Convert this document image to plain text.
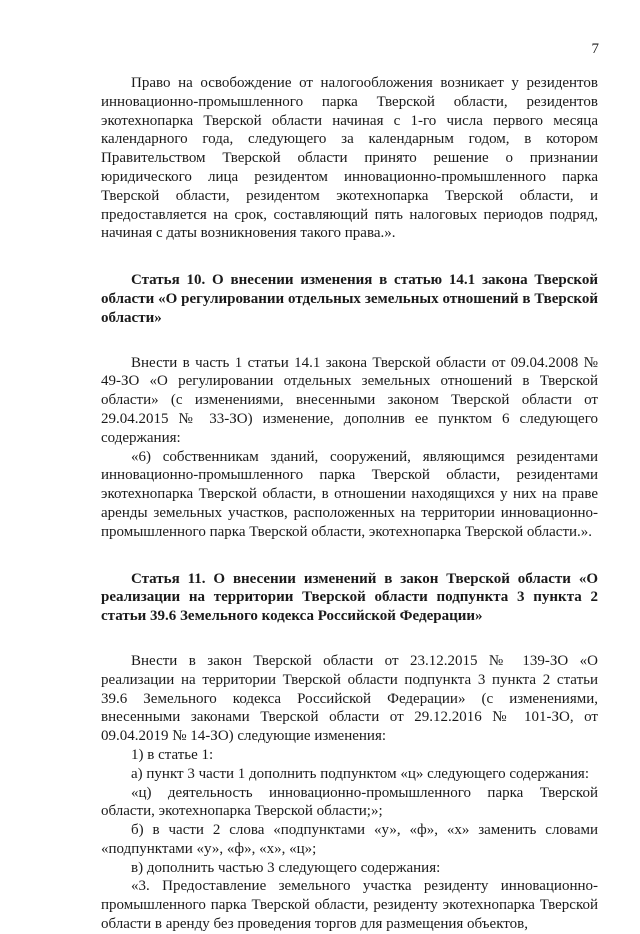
7

Право на освобождение от налогообложения возникает у резидентов инновационно-промышленного парка Тверской области, резидентов экотехнопарка Тверской области начиная с 1-го числа первого месяца календарного года, следующего за календарным годом, в котором Правительством Тверской области принято решение о признании юридического лица резидентом инновационно-промышленного парка Тверской области, резидентом экотехнопарка Тверской области, и предоставляется на срок, составляющий пять налоговых периодов подряд, начиная с даты возникновения такого права.».

Статья 10. О внесении изменения в статью 14.1 закона Тверской области «О регулировании отдельных земельных отношений в Тверской области»

Внести в часть 1 статьи 14.1 закона Тверской области от 09.04.2008 № 49-ЗО «О регулировании отдельных земельных отношений в Тверской области» (с изменениями, внесенными законом Тверской области от 29.04.2015 № 33-ЗО) изменение, дополнив ее пунктом 6 следующего содержания:

«6) собственникам зданий, сооружений, являющимся резидентами инновационно-промышленного парка Тверской области, резидентами экотехнопарка Тверской области, в отношении находящихся у них на праве аренды земельных участков, расположенных на территории инновационно-промышленного парка Тверской области, экотехнопарка Тверской области.».

Статья 11. О внесении изменений в закон Тверской области «О реализации на территории Тверской области подпункта 3 пункта 2 статьи 39.6 Земельного кодекса Российской Федерации»

Внести в закон Тверской области от 23.12.2015 № 139-ЗО «О реализации на территории Тверской области подпункта 3 пункта 2 статьи 39.6 Земельного кодекса Российской Федерации» (с изменениями, внесенными законами Тверской области от 29.12.2016 № 101-ЗО, от 09.04.2019 № 14-ЗО) следующие изменения:

1) в статье 1:

а) пункт 3 части 1 дополнить подпунктом «ц» следующего содержания:

«ц) деятельность инновационно-промышленного парка Тверской области, экотехнопарка Тверской области;»;

б) в части 2 слова «подпунктами «у», «ф», «х» заменить словами «подпунктами «у», «ф», «х», «ц»;

в) дополнить частью 3 следующего содержания:

«3. Предоставление земельного участка резиденту инновационно-промышленного парка Тверской области, резиденту экотехнопарка Тверской области в аренду без проведения торгов для размещения объектов,
